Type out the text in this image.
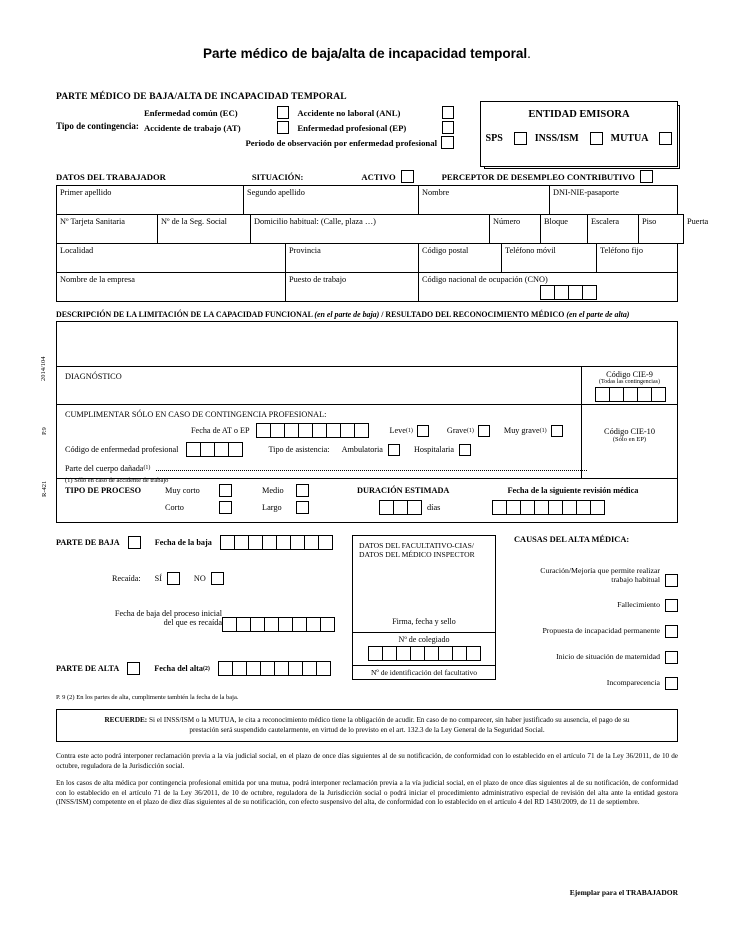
Parte médico de baja/alta de incapacidad temporal.
PARTE MÉDICO DE BAJA/ALTA DE INCAPACIDAD TEMPORAL
Tipo de contingencia:
Enfermedad común (EC)	Accidente no laboral (ANL)
Accidente de trabajo (AT)	Enfermedad profesional (EP)
Periodo de observación por enfermedad profesional
ENTIDAD EMISORA
SPS	INSS/ISM	MUTUA
DATOS DEL TRABAJADOR	SITUACIÓN:	ACTIVO	PERCEPTOR DE DESEMPLEO CONTRIBUTIVO
Primer apellido	Segundo apellido	Nombre	DNI-NIE-pasaporte
Nº Tarjeta Sanitaria	Nº de la Seg. Social	Domicilio habitual: (Calle, plaza …)	Número	Bloque	Escalera	Piso	Puerta
Localidad	Provincia	Código postal	Teléfono móvil	Teléfono fijo
Nombre de la empresa	Puesto de trabajo	Código nacional de ocupación (CNO)
DESCRIPCIÓN DE LA LIMITACIÓN DE LA CAPACIDAD FUNCIONAL (en el parte de baja) / RESULTADO DEL RECONOCIMIENTO MÉDICO (en el parte de alta)
2014/104	DIAGNÓSTICO	Código CIE-9
(Todas las contingencias)
P.9
CUMPLIMENTAR SÓLO EN CASO DE CONTINGENCIA PROFESIONAL:
Fecha de AT o EP	Leve (1)	Grave (1)	Muy grave (1)
Código de enfermedad profesional	Tipo de asistencia: Ambulatoria	Hospitalaria
Parte del cuerpo dañada (1)
(1) Sólo en caso de accidente de trabajo
Código CIE-10
(Sólo en EP)
R-421 TIPO DE PROCESO	Muy corto	Medio	DURACIÓN ESTIMADA	Fecha de la siguiente revisión médica
Corto	Largo	días
PARTE DE BAJA	Fecha de la baja
Recaída: SÍ	NO
Fecha de baja del proceso inicial
del que es recaída
PARTE DE ALTA	Fecha del alta (2)
P. 9 (2) En los partes de alta, cumplimente también la fecha de la baja.
DATOS DEL FACULTATIVO-CIAS/
DATOS DEL MÉDICO INSPECTOR
Firma, fecha y sello
Nº de colegiado
Nº de identificación del facultativo
CAUSAS DEL ALTA MÉDICA:
Curación/Mejoría que permite realizar
trabajo habitual
Fallecimiento
Propuesta de incapacidad permanente
Inicio de situación de maternidad
Incomparecencia
RECUERDE: Si el INSS/ISM o la MUTUA, le cita a reconocimiento médico tiene la obligación de acudir. En caso de no comparecer, sin haber justificado su ausencia, el pago de su
prestación será suspendido cautelarmente, en virtud de lo previsto en el art. 132.3 de la Ley General de la Seguridad Social.

Contra este acto podrá interponer reclamación previa a la vía judicial social, en el plazo de once días siguientes al de su notificación, de conformidad con lo establecido en el artículo 71 de la Ley 36/2011, de 10 de octubre, reguladora de la Jurisdicción social.

En los casos de alta médica por contingencia profesional emitida por una mutua, podrá interponer reclamación previa a la vía judicial social, en el plazo de once días siguientes al de su notificación, de conformidad con lo establecido en el artículo 71 de la Ley 36/2011, de 10 de octubre, reguladora de la Jurisdicción social o podrá iniciar el procedimiento administrativo especial de revisión del alta ante la entidad gestora (INSS/ISM) competente en el plazo de diez días siguientes al de su notificación, con efecto suspensivo del alta, de conformidad con lo establecido en el artículo 4 del RD 1430/2009, de 11 de septiembre.

Ejemplar para el TRABAJADOR
